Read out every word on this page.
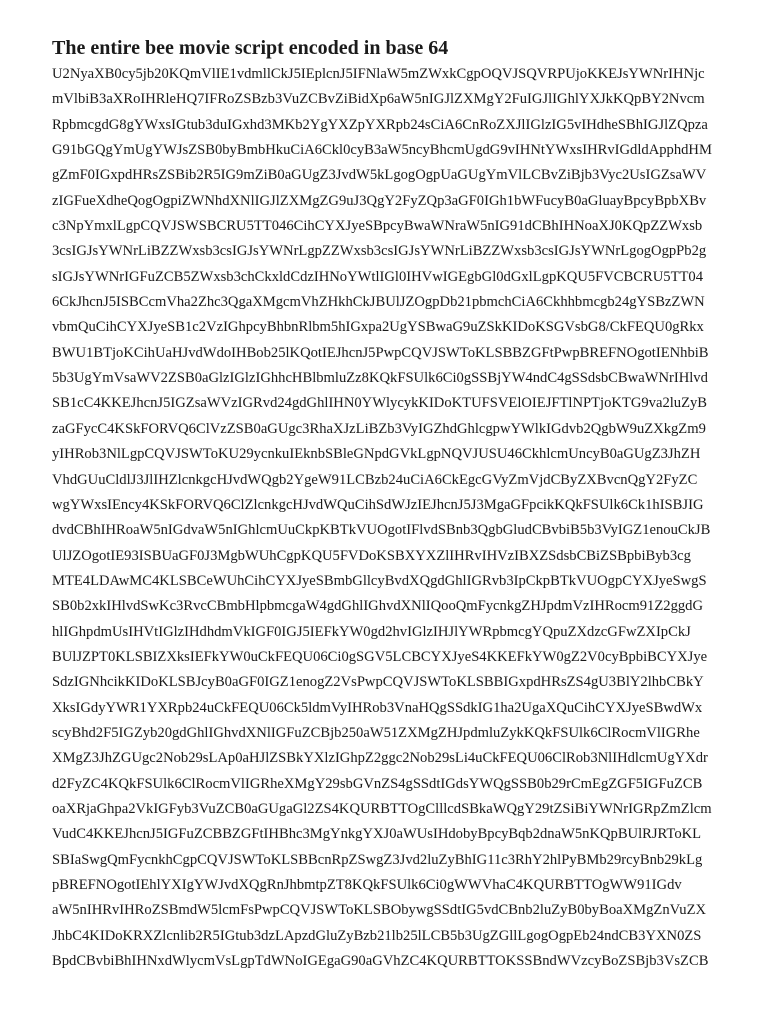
The entire bee movie script encoded in base 64
U2NyaXB0cy5jb20KQmVlIE1vdmllCkJ5IEplcnJ5IFNlaW5mZWxkCgpOQVJSQVRPUjoKKEJsYWNrIHNjc
mVlbiB3aXRoIHRleHQ7IFRoZSBzb3VuZCBvZiBidXp6aW5nIGJlZXMgY2FuIGJlIGhlYXJkKQpBY2Nvcm
RpbmcgdG8gYWxsIGtub3duIGxhd3MKb2YgYXZpYXRpb24sCiA6CnRoZXJlIGlzIG5vIHdheSBhIGJlZQpza
G91bGQgYmUgYWJsZSB0byBmbHkuCiA6Ckl0cyB3aW5ncyBhcmUgdG9vIHNtYWxsIHRvIGdldApphdHM
gZmF0IGxpdHRsZSBib2R5IG9mZiB0aGUgZ3JvdW5kLgogOgpUaGUgYmVlLCBvZiBjb3Vyc2UsIGZsaWV
zIGFueXdheQogOgpiZWNhdXNlIGJlZXMgZG9uJ3QgY2FyZQp3aGF0IGh1bWFucyB0aGluayBpcyBpbXBv
c3NpYmxlLgpCQVJSWSBCRU5TT046CihCYXJyeSBpcyBwaWNraW5nIG91dCBhIHNoaXJ0KQpZZWxsb
3csIGJsYWNrLiBZZWxsb3csIGJsYWNrLgpZZWxsb3csIGJsYWNrLiBZZWxsb3csIGJsYWNrLgogOgpPb2g
sIGJsYWNrIGFuZCB5ZWxsb3chCkxldCdzIHNoYWtlIGl0IHVwIGEgbGl0dGxlLgpKQU5FVCBCRU5TT04
6CkJhcnJ5ISBCcmVha2Zhc3QgaXMgcmVhZHkhCkJBUlJZOgpDb21pbmchCiA6Ckhhbmcgb24gYSBzZWN
vbmQuCihCYXJyeSB1c2VzIGhpcyBhbnRlbm5hIGxpa2UgYSBwaG9uZSkKIDoKSGVsbG8/CkFEQU0gRkx
BWU1BTjoKCihUaHJvdWdoIHBob25lKQotIEJhcnJ5PwpCQVJSWToKLSBBZGFtPwpBREFNOgotIENhbiB
5b3UgYmVsaWV2ZSB0aGlzIGlzIGhhcHBlbmluZz8KQkFSUlk6Ci0gSSBjYW4ndC4gSSdsbCBwaWNrIHlvd
SB1cC4KKEJhcnJ5IGZsaWVzIGRvd24gdGhlIHN0YWlycykKIDoKTUFSVElOIEJFTlNPTjoKTG9va2luZyB
zaGFycC4KSkFORVQ6ClVzZSB0aGUgc3RhaXJzLiBZb3VyIGZhdGhlcgpwYWlkIGdvb2QgbW9uZXkgZm9
yIHRob3NlLgpCQVJSWToKU29ycnkuIEknbSBleGNpdGVkLgpNQVJUSU46CkhlcmUncyB0aGUgZ3JhZH
VhdGUuCldlJ3JlIHZlcnkgcHJvdWQgb2YgeW91LCBzb24uCiA6CkEgcGVyZmVjdCByZXBvcnQgY2FyZC
wgYWxsIEncy4KSkFORVQ6ClZlcnkgcHJvdWQuCihSdWJzIEJhcnJ5J3MgaGFpcikKQkFSUlk6Ck1hISBJIG
dvdCBhIHRoaW5nIGdvaW5nIGhlcmUuCkpKBTkVUOgotIFlvdSBnb3QgbGludCBvbiB5b3VyIGZ1enouCkJB
UlJZOgotIE93ISBUaGF0J3MgbWUhCgpKQU5FVDoKSBXYXZlIHRvIHVzIBXZSdsbCBiZSBpbiByb3cg
MTE4LDAwMC4KLSBCeWUhCihCYXJyeSBmbGllcyBvdXQgdGhlIGRvb3IpCkpBTkVUOgpCYXJyeSwgS
SB0b2xkIHlvdSwKc3RvcCBmbHlpbmcgaW4gdGhlIGhvdXNlIQooQmFycnkgZHJpdmVzIHRocm91Z2ggdG
hlIGhpdmUsIHVtIGlzIHdhdmVkIGF0IGJ5IEFkYW0gd2hvIGlzIHJlYWRpbmcgYQpuZXdzcGFwZXIpCkJ
BUlJZPT0KLSBIZXksIEFkYW0uCkFEQU06Ci0gSGV5LCBCYXJyeS4KKEFkYW0gZ2V0cyBpbiBCYXJye
SdzIGNhcikKIDoKLSBJcyB0aGF0IGZ1enogZ2VsPwpCQVJSWToKLSBBIGxpdHRsZS4gU3BlY2lhbCBkY
XksIGdyYWR1YXRpb24uCkFEQU06Ck5ldmVyIHRob3VnaHQgSSdkIG1ha2UgaXQuCihCYXJyeSBwdWx
scyBhd2F5IGZyb20gdGhlIGhvdXNlIGFuZCBjb250aW51ZXMgZHJpdmluZykKQkFSUlk6ClRocmVlIGRhe
XMgZ3JhZGUgc2Nob29sLAp0aHJlZSBkYXlzIGhpZ2ggc2Nob29sLi4uCkFEQU06ClRob3NlIHdlcmUgYXdr
d2FyZC4KQkFSUlk6ClRocmVlIGRheXMgY29sbGVnZS4gSSdtIGdsYWQgSSB0b29rCmEgZGF5IGFuZCB
oaXRjaGhpa2VkIGFyb3VuZCB0aGUgaGl2ZS4KQURBTTOgClllcdSBkaWQgY29tZSiBiYWNrIGRpZmZlcm
VudC4KKEJhcnJ5IGFuZCBBZGFtIHBhc3MgYnkgYXJ0aWUsIHdobyBpcyBqb2dnaW5nKQpBUlRJRToKL
SBIaSwgQmFycnkhCgpCQVJSWToKLSBBcnRpZSwgZ3Jvd2luZyBhIG11c3RhY2hlPyBMb29rcyBnb29kLg
pBREFNOgotIEhlYXIgYWJvdXQgRnJhbmtpZT8KQkFSUlk6Ci0gWWVhaC4KQURBTTOgWW91IGdv
aW5nIHRvIHRoZSBmdW5lcmFsPwpCQVJSWToKLSBObywgSSdtIG5vdCBnb2luZyB0byBoaXMgZnVuZX
JhbC4KIDoKRXZlcnlib2R5IGtub3dzLApzdGluZyBzb21lb25lLCB5b3UgZGllLgogOgpEb24ndCB3YXN0ZS
BpdCBvbiBhIHNxdWlycmVsLgpTdWNoIGEgaG90aGVhZC4KQURBTTOKSSBndWVzcyBoZSBjb3VsZCB
